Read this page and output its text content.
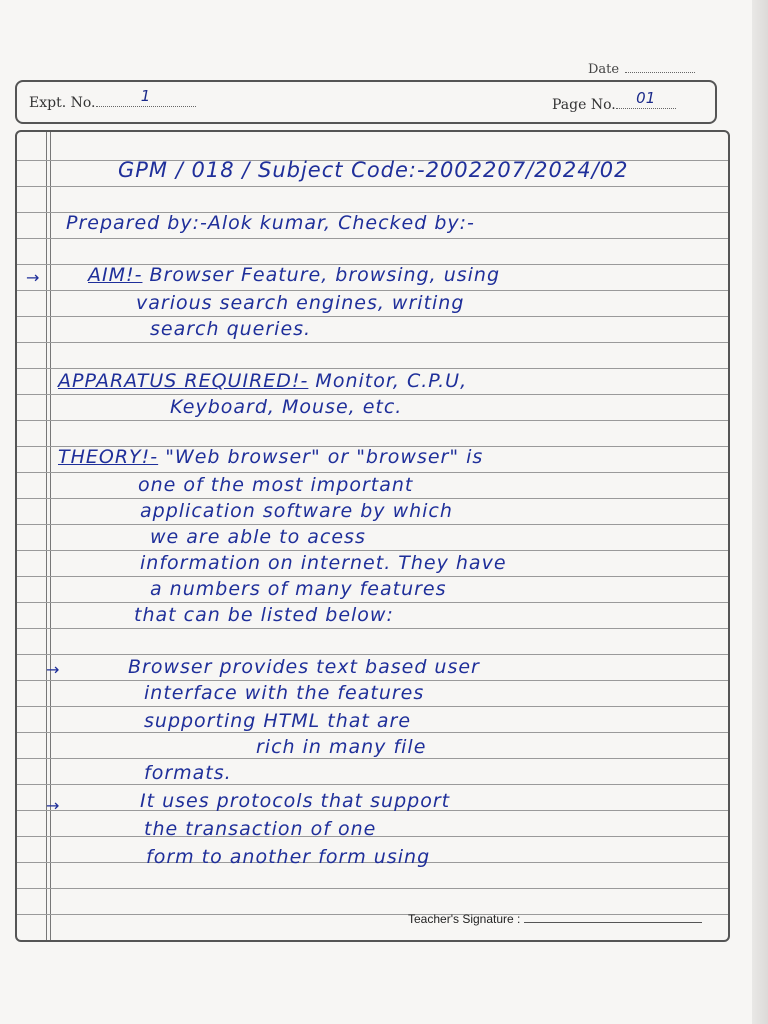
Date
Expt. No.	1	Page No.	01
GPM / 018 / Subject Code:-2002207/2024/02
Prepared by:-Alok kumar, Checked by:-
→	AIM!- Browser Feature, browsing, using
various search engines, writing
search queries.
APPARATUS REQUIRED!- Monitor, C.P.U,
Keyboard, Mouse, etc.
THEORY!- "Web browser" or "browser" is
one of the most important
application software by which
we are able to acess
information on internet. They have
a numbers of many features
that can be listed below:
→	Browser provides text based user
interface with the features
supporting HTML that are
rich in many file
formats.
→	It uses protocols that support
the transaction of one
form to another form using
Teacher's Signature :
